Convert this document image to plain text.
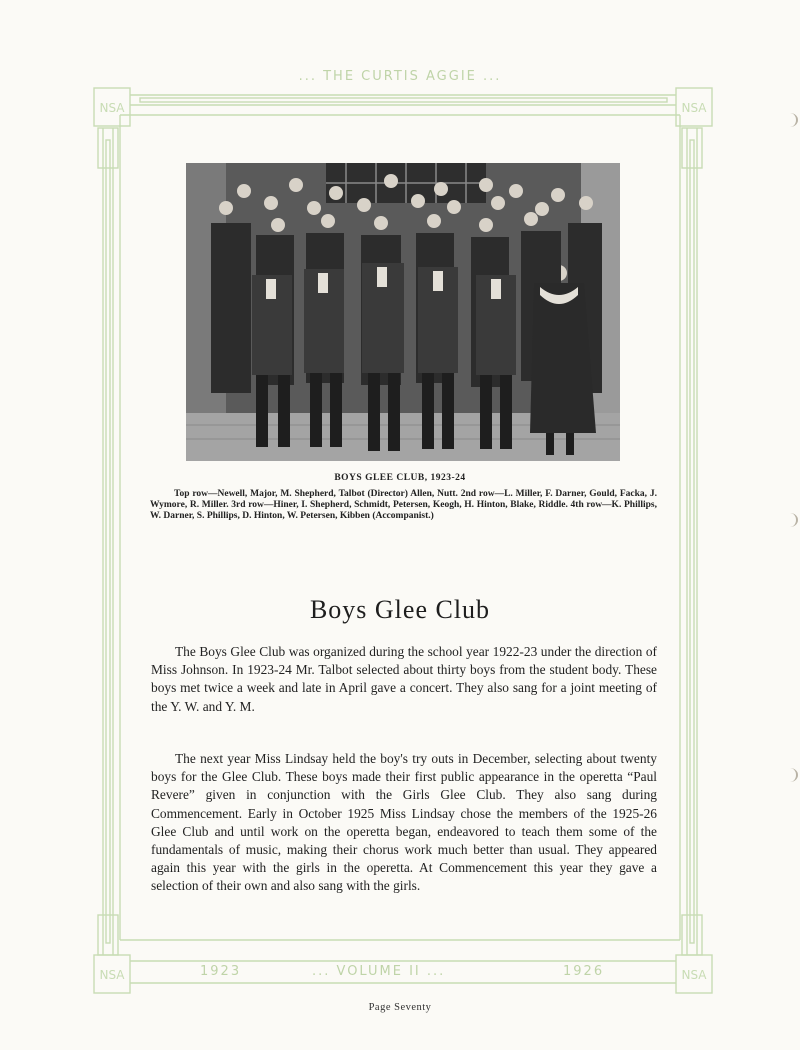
NSA	NSA
NSA	NSA
... THE CURTIS AGGIE ...
BOYS GLEE CLUB, 1923-24
Top row—Newell, Major, M. Shepherd, Talbot (Director) Allen, Nutt. 2nd row—L. Miller, F. Darner, Gould, Facka, J. Wymore, R. Miller. 3rd row—Hiner, I. Shepherd, Schmidt, Petersen, Keogh, H. Hinton, Blake, Riddle. 4th row—K. Phillips, W. Darner, S. Phillips, D. Hinton, W. Petersen, Kibben (Accompanist.)
Boys Glee Club
The Boys Glee Club was organized during the school year 1922-23 under the direction of Miss Johnson. In 1923-24 Mr. Talbot selected about thirty boys from the student body. These boys met twice a week and late in April gave a concert. They also sang for a joint meeting of the Y. W. and Y. M.
The next year Miss Lindsay held the boy's try outs in December, selecting about twenty boys for the Glee Club. These boys made their first public appearance in the operetta “Paul Revere” given in conjunction with the Girls Glee Club. They also sang during Commencement. Early in October 1925 Miss Lindsay chose the members of the 1925-26 Glee Club and until work on the operetta began, endeavored to teach them some of the fundamentals of music, making their chorus work much better than usual. They appeared again this year with the girls in the operetta. At Commencement this year they gave a selection of their own and also sang with the girls.
1923	... VOLUME II ...	1926
Page Seventy
